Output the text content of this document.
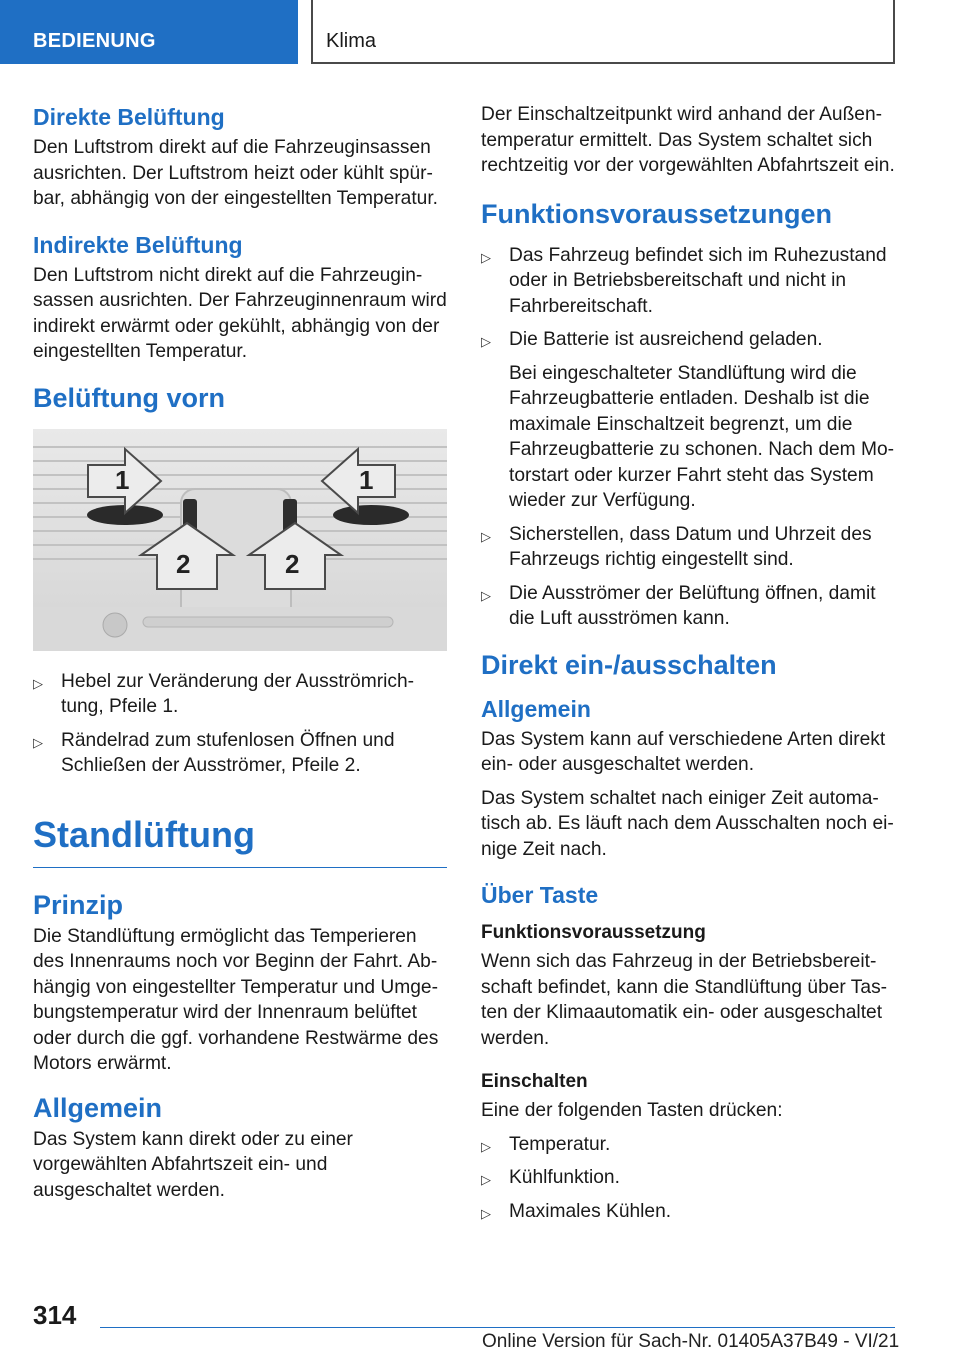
BEDIENUNG	Klima
Direkte Belüftung

Den Luftstrom direkt auf die Fahrzeuginsassen ausrichten. Der Luftstrom heizt oder kühlt spürbar, abhängig von der eingestellten Temperatur.

Indirekte Belüftung

Den Luftstrom nicht direkt auf die Fahrzeuginsassen ausrichten. Der Fahrzeuginnenraum wird indirekt erwärmt oder gekühlt, abhängig von der eingestellten Temperatur.

Belüftung vorn
1	1
2	2
▷ Hebel zur Veränderung der Ausströmrichtung, Pfeile 1.
▷ Rändelrad zum stufenlosen Öffnen und Schließen der Ausströmer, Pfeile 2.
Standlüftung
Prinzip

Die Standlüftung ermöglicht das Temperieren des Innenraums noch vor Beginn der Fahrt. Abhängig von eingestellter Temperatur und Umgebungstemperatur wird der Innenraum belüftet oder durch die ggf. vorhandene Restwärme des Motors erwärmt.

Allgemein

Das System kann direkt oder zu einer vorgewählten Abfahrtszeit ein- und ausgeschaltet werden.

Der Einschaltzeitpunkt wird anhand der Außentemperatur ermittelt. Das System schaltet sich rechtzeitig vor der vorgewählten Abfahrtszeit ein.

Funktionsvoraussetzungen
▷ Das Fahrzeug befindet sich im Ruhezustand oder in Betriebsbereitschaft und nicht in Fahrbereitschaft.
▷ Die Batterie ist ausreichend geladen.
Bei eingeschalteter Standlüftung wird die Fahrzeugbatterie entladen. Deshalb ist die maximale Einschaltzeit begrenzt, um die Fahrzeugbatterie zu schonen. Nach dem Motorstart oder kurzer Fahrt steht das System wieder zur Verfügung.
▷ Sicherstellen, dass Datum und Uhrzeit des Fahrzeugs richtig eingestellt sind.
▷ Die Ausströmer der Belüftung öffnen, damit die Luft ausströmen kann.
Direkt ein-/ausschalten
Allgemein

Das System kann auf verschiedene Arten direkt ein- oder ausgeschaltet werden.

Das System schaltet nach einiger Zeit automatisch ab. Es läuft nach dem Ausschalten noch einige Zeit nach.

Über Taste
Funktionsvoraussetzung

Wenn sich das Fahrzeug in der Betriebsbereitschaft befindet, kann die Standlüftung über Tasten der Klimaautomatik ein- oder ausgeschaltet werden.

Einschalten

Eine der folgenden Tasten drücken:

▷ Temperatur.
▷ Kühlfunktion.
▷ Maximales Kühlen.
314
Online Version für Sach-Nr. 01405A37B49 - VI/21
